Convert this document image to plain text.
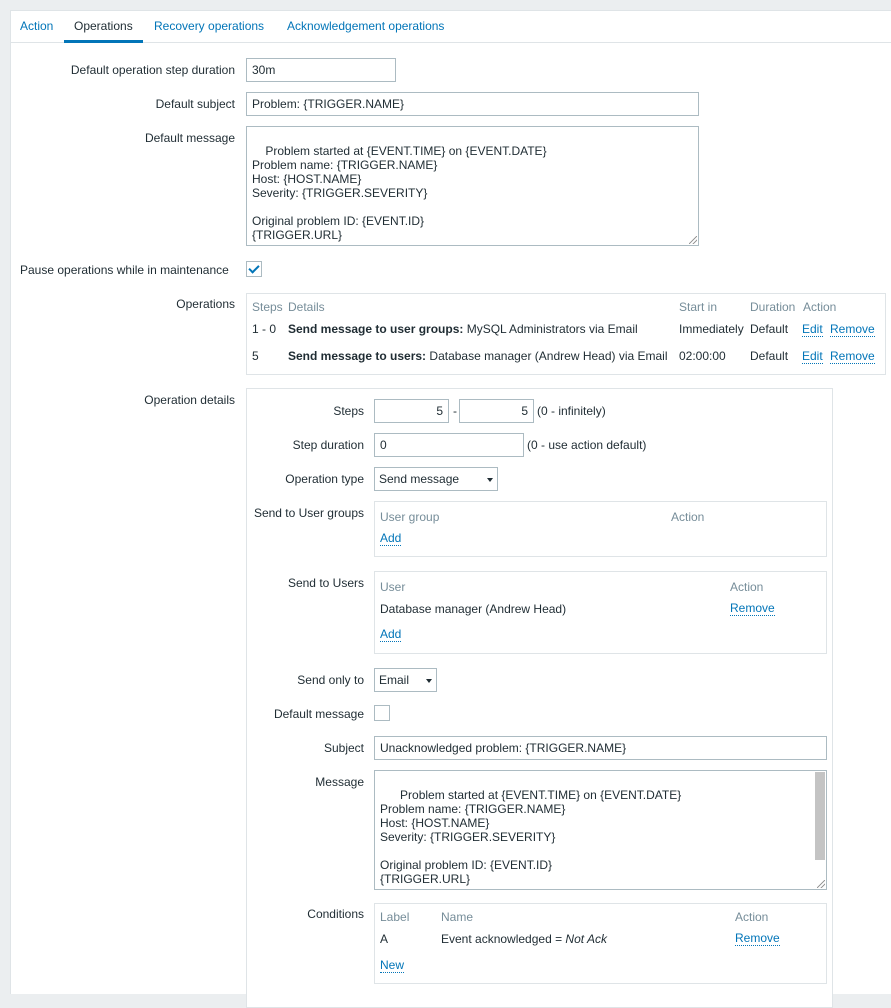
Action	Operations	Recovery operations Acknowledgement operations
Default operation step duration	30m
Default subject	Problem: {TRIGGER.NAME}
Default message

Problem started at {EVENT.TIME} on {EVENT.DATE}
Problem name: {TRIGGER.NAME}
Host: {HOST.NAME}
Severity: {TRIGGER.SEVERITY}

Original problem ID: {EVENT.ID}
{TRIGGER.URL}

Pause operations while in maintenance
Operations Steps Details	Start in	Duration Action
1 - 0 Send message to user groups: MySQL Administrators via Email	Immediately Default Edit Remove
5 Send message to users: Database manager (Andrew Head) via Email 02:00:00 Default Edit Remove
Operation details
Steps	5 -	5 (0 - infinitely)
Step duration	0	(0 - use action default)
Operation type	Send message
Send to User groups User group	Action
Add
Send to Users User	Action
Database manager (Andrew Head)	Remove
Add
Send only to	Email
Default message
Subject	Unacknowledged problem: {TRIGGER.NAME}
Message

Problem started at {EVENT.TIME} on {EVENT.DATE}
Problem name: {TRIGGER.NAME}
Host: {HOST.NAME}
Severity: {TRIGGER.SEVERITY}

Original problem ID: {EVENT.ID}
{TRIGGER.URL}

Conditions Label	Name	Action
A	Event acknowledged = Not Ack	Remove
New
